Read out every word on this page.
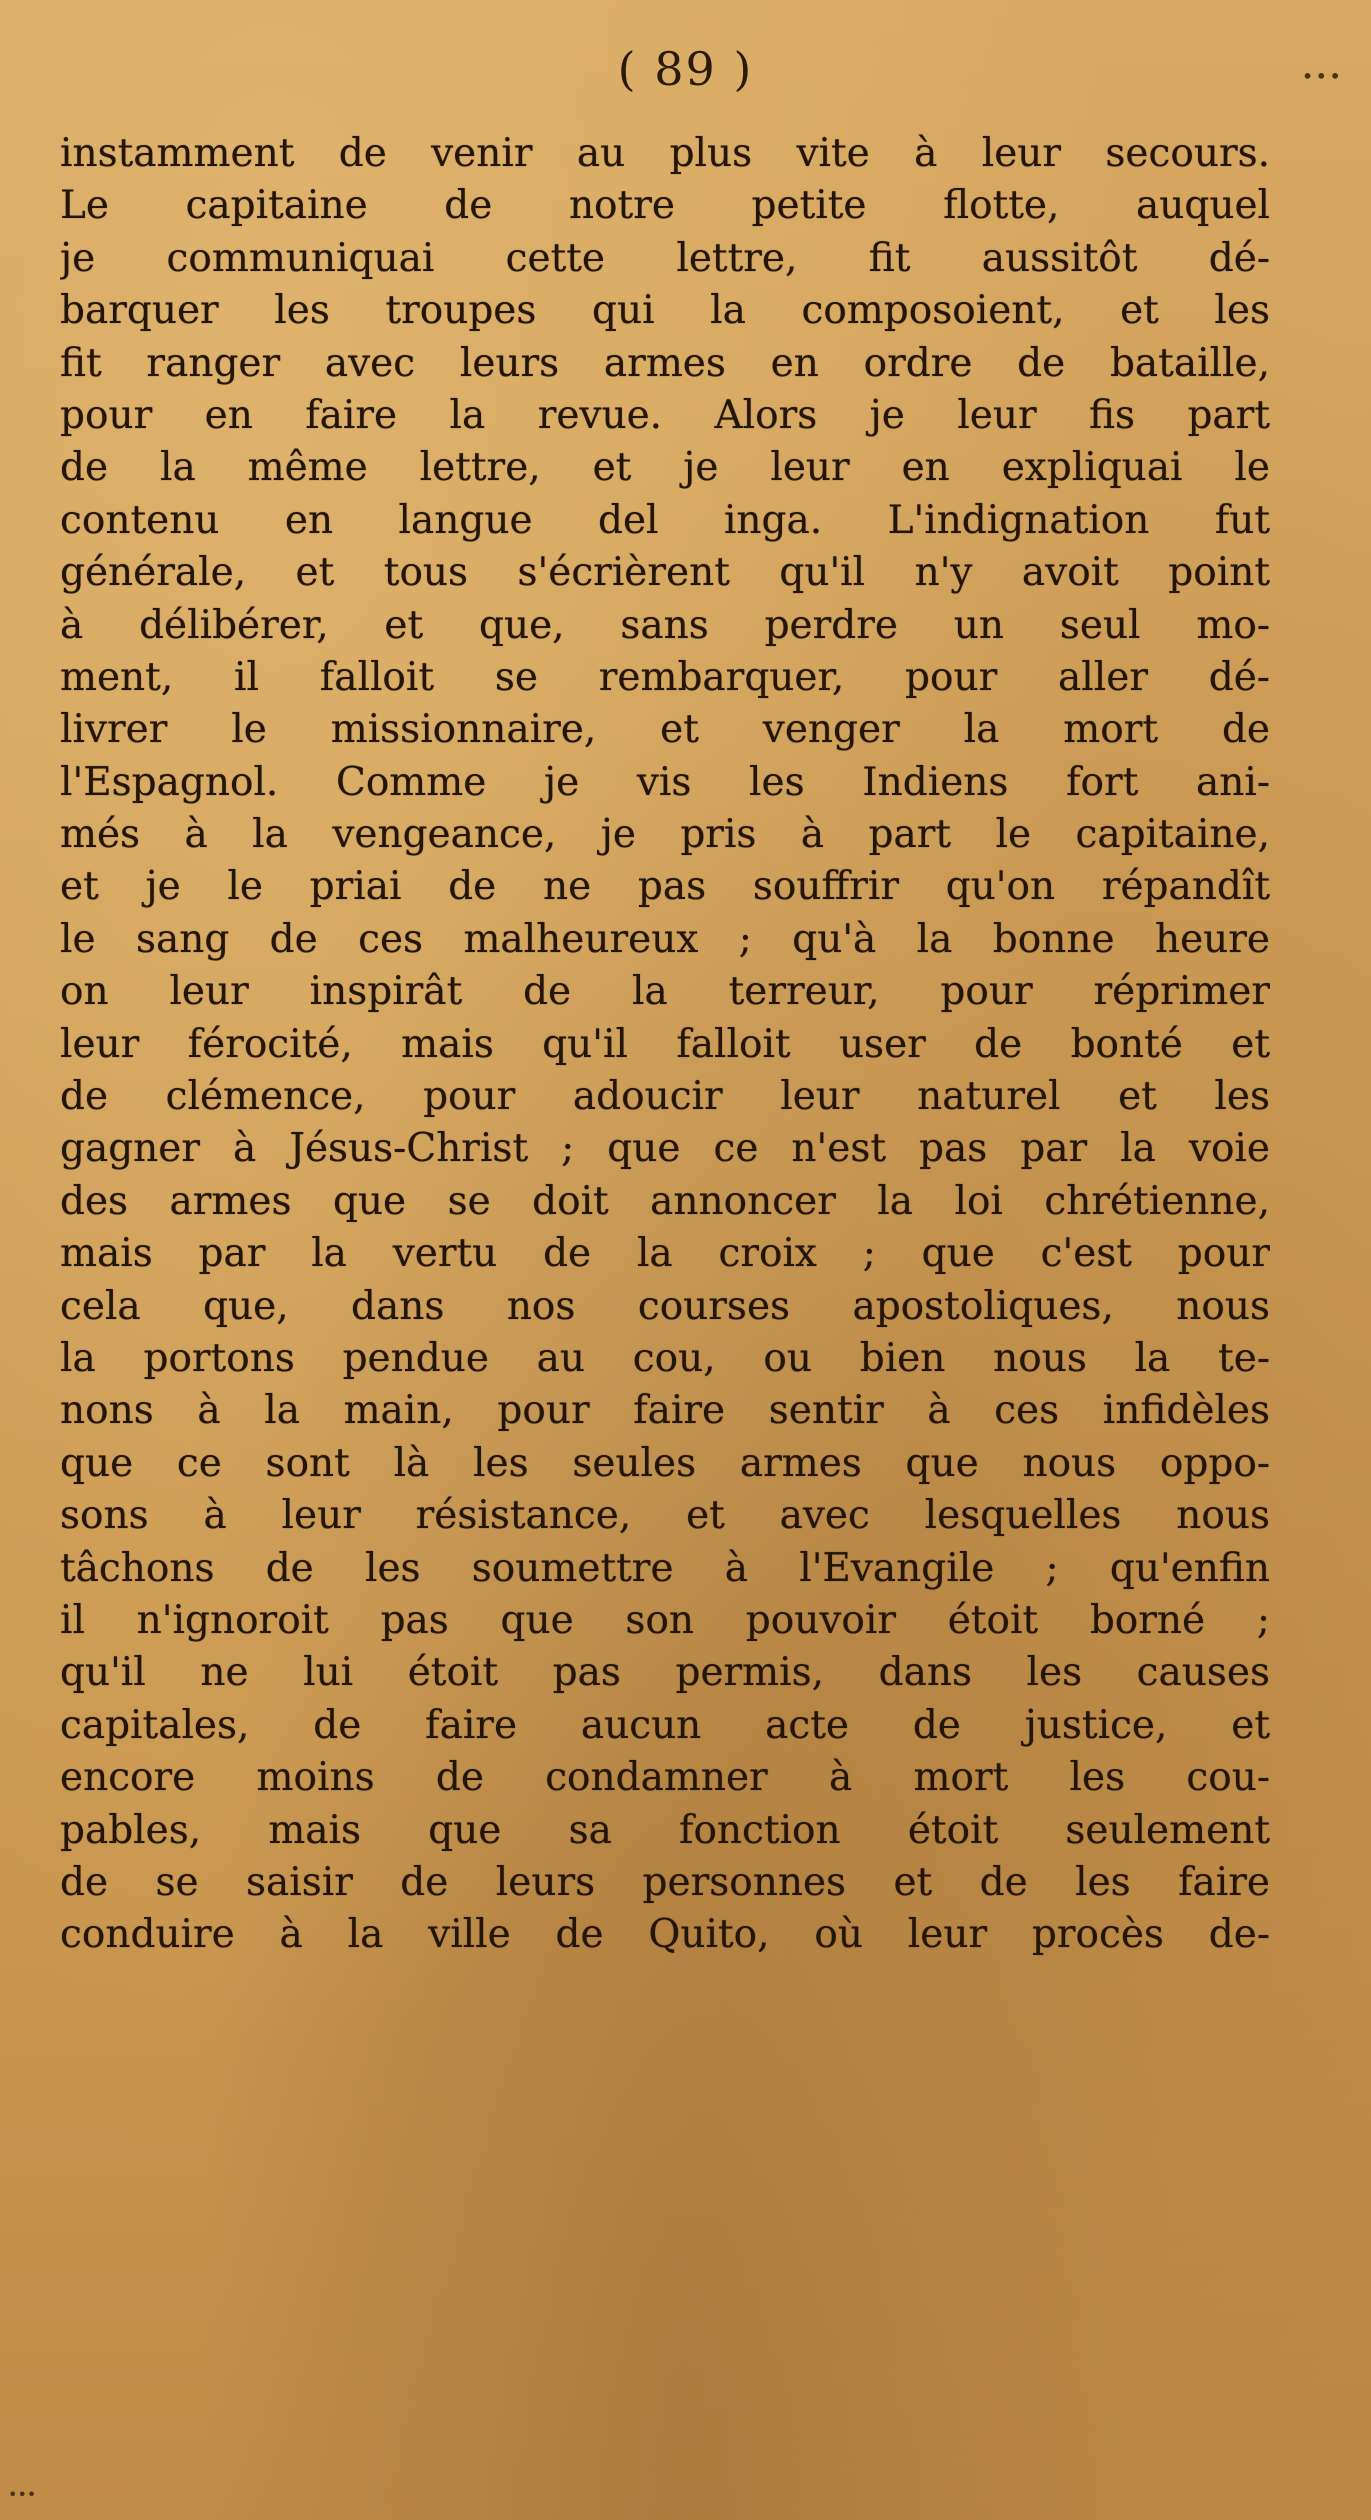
( 89 )	•••
instamment de venir au plus vite à leur secours.
Le capitaine de notre petite flotte, auquel
je communiquai cette lettre, fit aussitôt dé-
barquer les troupes qui la composoient, et les
fit ranger avec leurs armes en ordre de bataille,
pour en faire la revue. Alors je leur fis part
de la même lettre, et je leur en expliquai le
contenu en langue del inga. L'indignation fut
générale, et tous s'écrièrent qu'il n'y avoit point
à délibérer, et que, sans perdre un seul mo-
ment, il falloit se rembarquer, pour aller dé-
livrer le missionnaire, et venger la mort de
l'Espagnol. Comme je vis les Indiens fort ani-
més à la vengeance, je pris à part le capitaine,
et je le priai de ne pas souffrir qu'on répandît
le sang de ces malheureux ; qu'à la bonne heure
on leur inspirât de la terreur, pour réprimer
leur férocité, mais qu'il falloit user de bonté et
de clémence, pour adoucir leur naturel et les
gagner à Jésus-Christ ; que ce n'est pas par la voie
des armes que se doit annoncer la loi chrétienne,
mais par la vertu de la croix ; que c'est pour
cela que, dans nos courses apostoliques, nous
la portons pendue au cou, ou bien nous la te-
nons à la main, pour faire sentir à ces infidèles
que ce sont là les seules armes que nous oppo-
sons à leur résistance, et avec lesquelles nous
tâchons de les soumettre à l'Evangile ; qu'enfin
il n'ignoroit pas que son pouvoir étoit borné ;
qu'il ne lui étoit pas permis, dans les causes
capitales, de faire aucun acte de justice, et
encore moins de condamner à mort les cou-
pables, mais que sa fonction étoit seulement
de se saisir de leurs personnes et de les faire
conduire à la ville de Quito, où leur procès de-
•••
